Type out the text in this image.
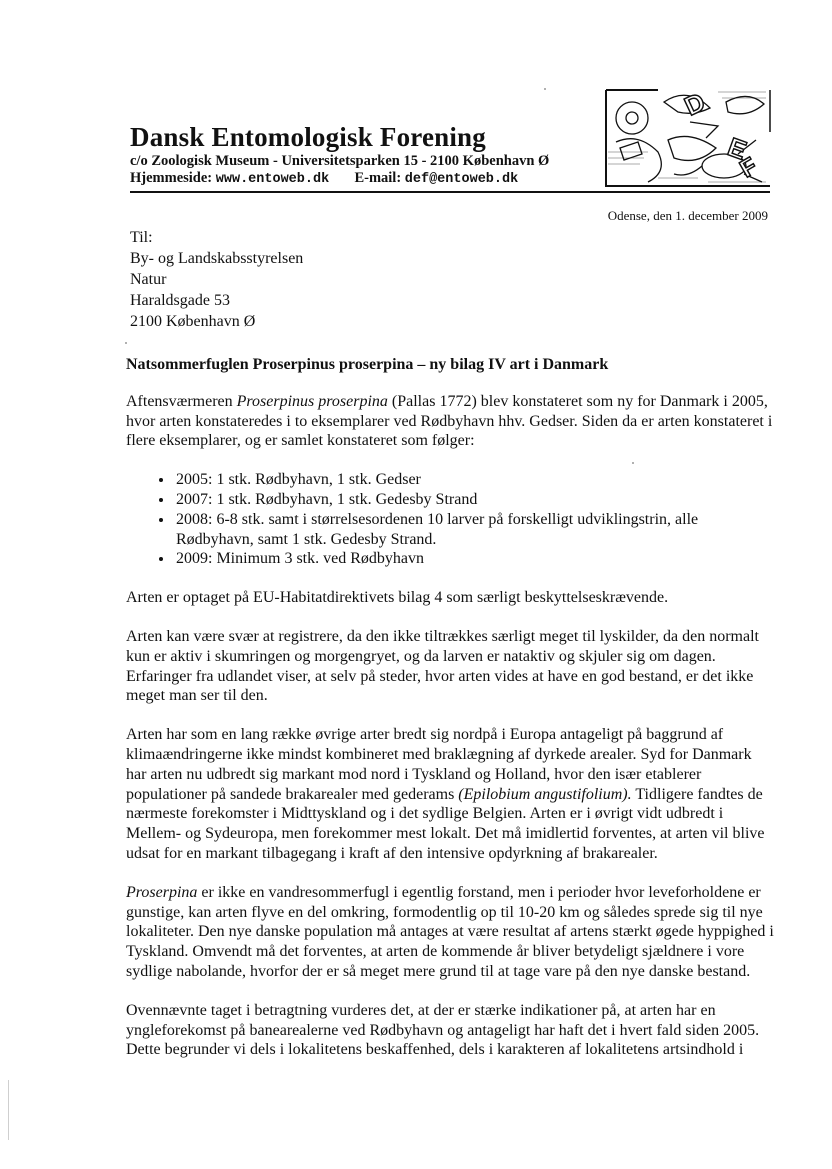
Dansk Entomologisk Forening
c/o Zoologisk Museum - Universitetsparken 15 - 2100 København Ø
Hjemmeside: www.entoweb.dk E-mail: def@entoweb.dk
D
E
F
Odense, den 1. december 2009
Til:
By- og Landskabsstyrelsen
Natur
Haraldsgade 53
2100 København Ø
Natsommerfuglen Proserpinus proserpina – ny bilag IV art i Danmark

Aftensværmeren Proserpinus proserpina (Pallas 1772) blev konstateret som ny for Danmark i 2005, hvor arten konstateredes i to eksemplarer ved Rødbyhavn hhv. Gedser. Siden da er arten konstateret i flere eksemplarer, og er samlet konstateret som følger:

• 2005: 1 stk. Rødbyhavn, 1 stk. Gedser
• 2007: 1 stk. Rødbyhavn, 1 stk. Gedesby Strand
• 2008: 6-8 stk. samt i størrelsesordenen 10 larver på forskelligt udviklingstrin, alle Rødbyhavn, samt 1 stk. Gedesby Strand.
• 2009: Minimum 3 stk. ved Rødbyhavn

Arten er optaget på EU-Habitatdirektivets bilag 4 som særligt beskyttelseskrævende.

Arten kan være svær at registrere, da den ikke tiltrækkes særligt meget til lyskilder, da den normalt kun er aktiv i skumringen og morgengryet, og da larven er nataktiv og skjuler sig om dagen. Erfaringer fra udlandet viser, at selv på steder, hvor arten vides at have en god bestand, er det ikke meget man ser til den.

Arten har som en lang række øvrige arter bredt sig nordpå i Europa antageligt på baggrund af klimaændringerne ikke mindst kombineret med braklægning af dyrkede arealer. Syd for Danmark har arten nu udbredt sig markant mod nord i Tyskland og Holland, hvor den især etablerer populationer på sandede brakarealer med gederams (Epilobium angustifolium). Tidligere fandtes de nærmeste forekomster i Midttyskland og i det sydlige Belgien. Arten er i øvrigt vidt udbredt i Mellem- og Sydeuropa, men forekommer mest lokalt. Det må imidlertid forventes, at arten vil blive udsat for en markant tilbagegang i kraft af den intensive opdyrkning af brakarealer.

Proserpina er ikke en vandresommerfugl i egentlig forstand, men i perioder hvor leveforholdene er gunstige, kan arten flyve en del omkring, formodentlig op til 10-20 km og således sprede sig til nye lokaliteter. Den nye danske population må antages at være resultat af artens stærkt øgede hyppighed i Tyskland. Omvendt må det forventes, at arten de kommende år bliver betydeligt sjældnere i vore sydlige nabolande, hvorfor der er så meget mere grund til at tage vare på den nye danske bestand.

Ovennævnte taget i betragtning vurderes det, at der er stærke indikationer på, at arten har en yngleforekomst på banearealerne ved Rødbyhavn og antageligt har haft det i hvert fald siden 2005. Dette begrunder vi dels i lokalitetens beskaffenhed, dels i karakteren af lokalitetens artsindhold i
